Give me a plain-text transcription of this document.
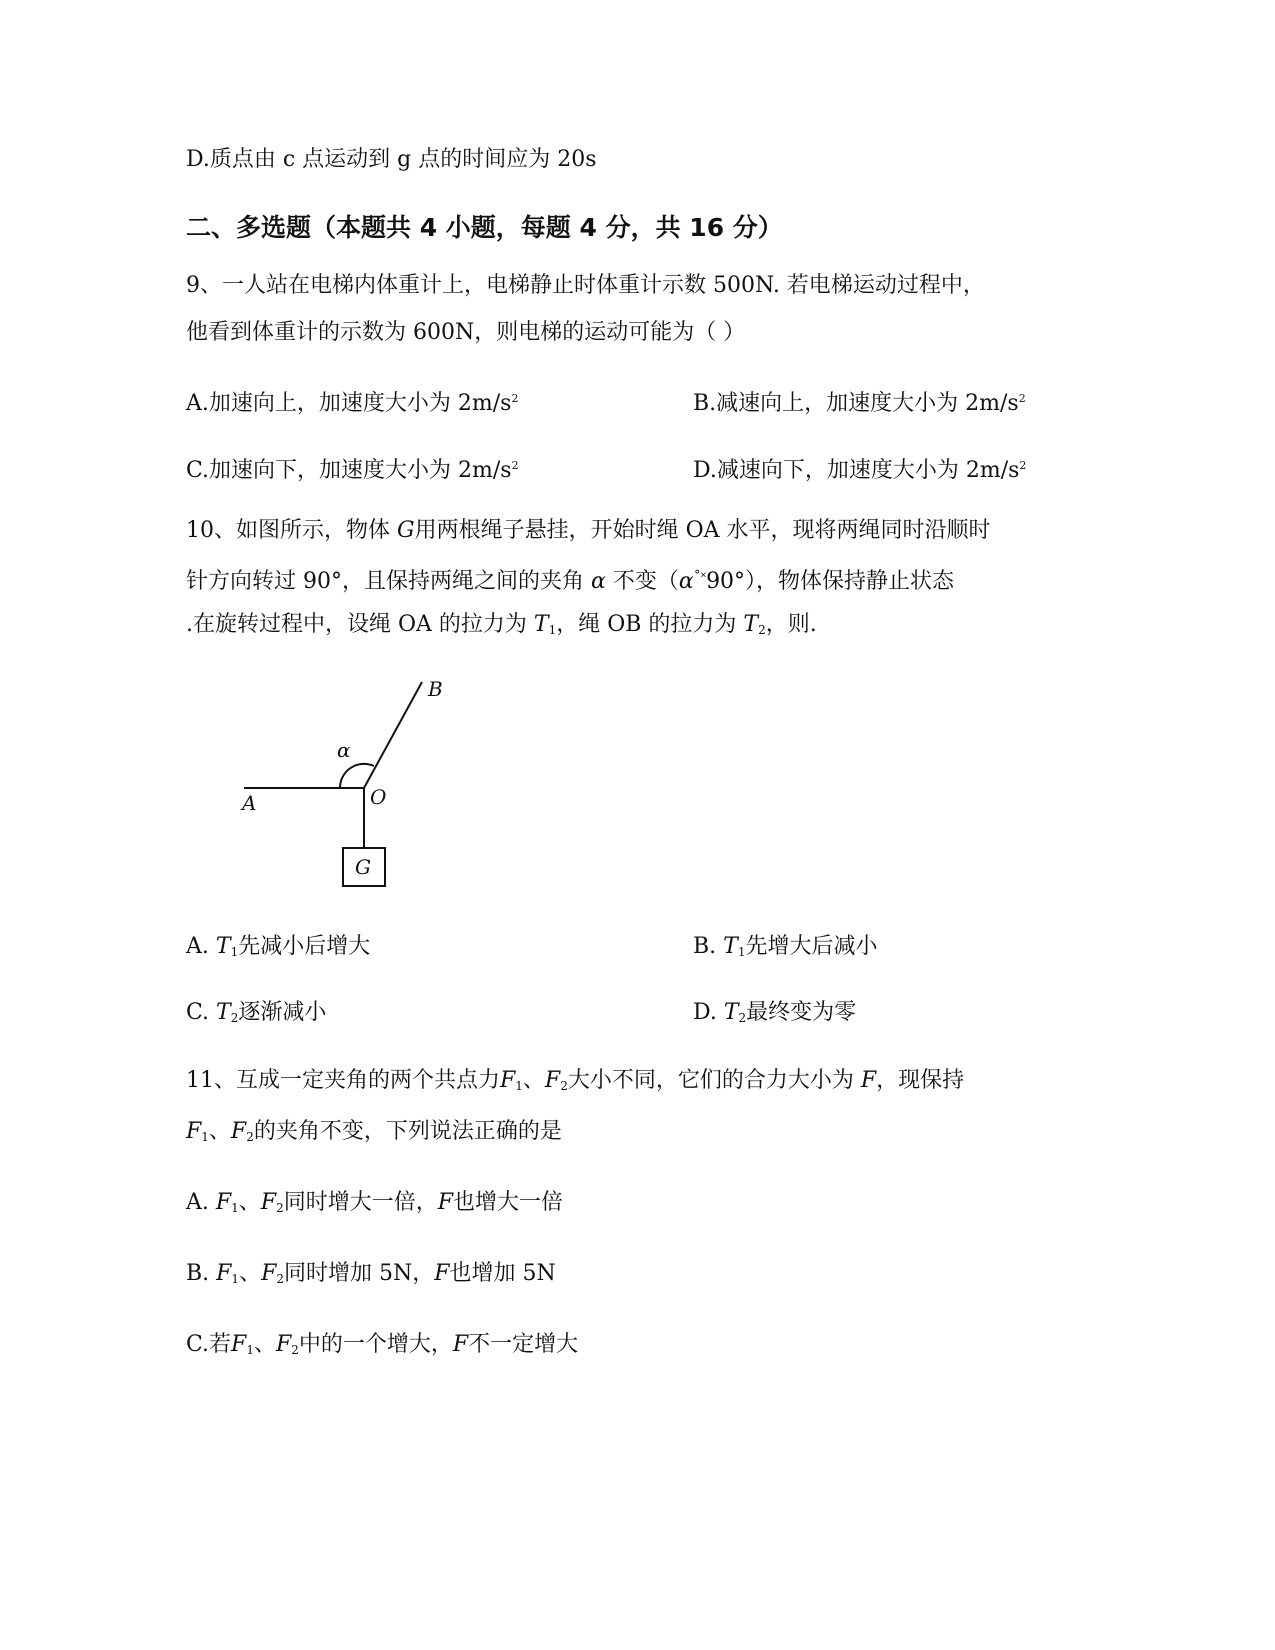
D.质点由 c 点运动到 g 点的时间应为 20s
二、多选题（本题共 4 小题，每题 4 分，共 16 分）
9、一人站在电梯内体重计上，电梯静止时体重计示数 500N. 若电梯运动过程中，
他看到体重计的示数为 600N，则电梯的运动可能为（ ）
A.加速向上，加速度大小为 $2m/s^2$	B.减速向上，加速度大小为 $2m/s^2$
C.加速向下，加速度大小为 $2m/s^2$	D.减速向下，加速度大小为 $2m/s^2$
10、如图所示，物体 G用两根绳子悬挂，开始时绳 OA 水平，现将两绳同时沿顺时
针方向转过 90°，且保持两绳之间的夹角 α 不变（α˚˟90°），物体保持静止状态
.在旋转过程中，设绳 OA 的拉力为 $T_1$，绳 OB 的拉力为 $T_2$，则.
A
B
O
α
G
A. $T_1$先减小后增大	B. $T_1$先增大后减小
C. $T_2$逐渐减小	D. $T_2$最终变为零
11、互成一定夹角的两个共点力$F_1$、$F_2$大小不同，它们的合力大小为 F，现保持
$F_1$、$F_2$的夹角不变，下列说法正确的是
A. $F_1$、$F_2$同时增大一倍，F也增大一倍
B. $F_1$、$F_2$同时增加 5N，F也增加 5N
C.若$F_1$、$F_2$中的一个增大，F不一定增大
